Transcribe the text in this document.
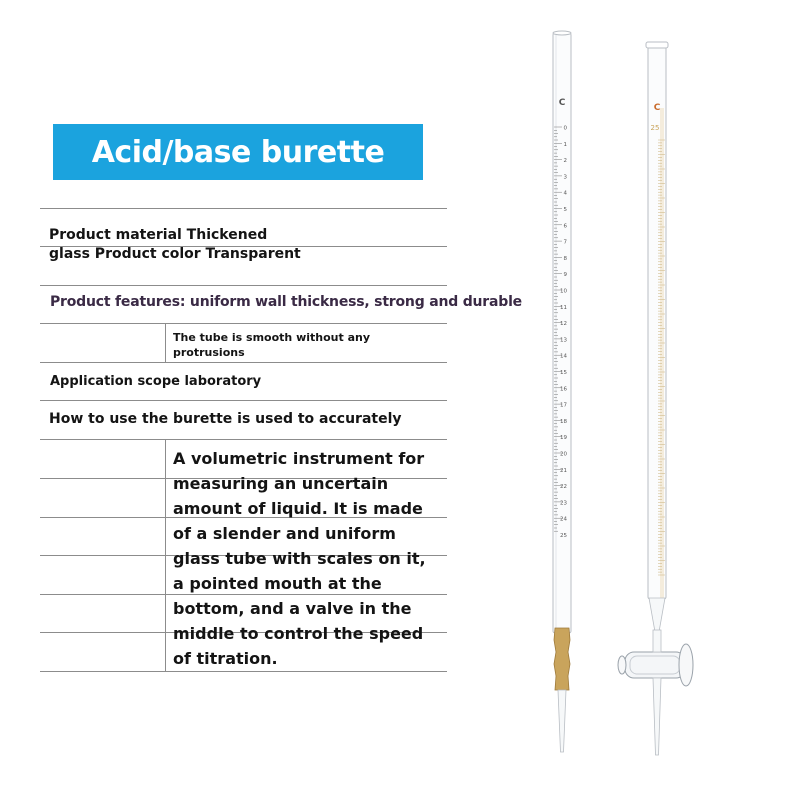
Acid/base burette
Product material Thickened
glass Product color Transparent
Product features: uniform wall thickness, strong and durable
The tube is smooth without any
protrusions
Application scope laboratory
How to use the burette is used to accurately
A volumetric instrument for
measuring an uncertain
amount of liquid. It is made
of a slender and uniform
glass tube with scales on it,
a pointed mouth at the
bottom, and a valve in the
middle to control the speed
of titration.
C
0
1
2
3
4
5
6
7
8
9
10
11
12
13
14
15
16
17
18
19
20
21
22
23
24
25
C
25
